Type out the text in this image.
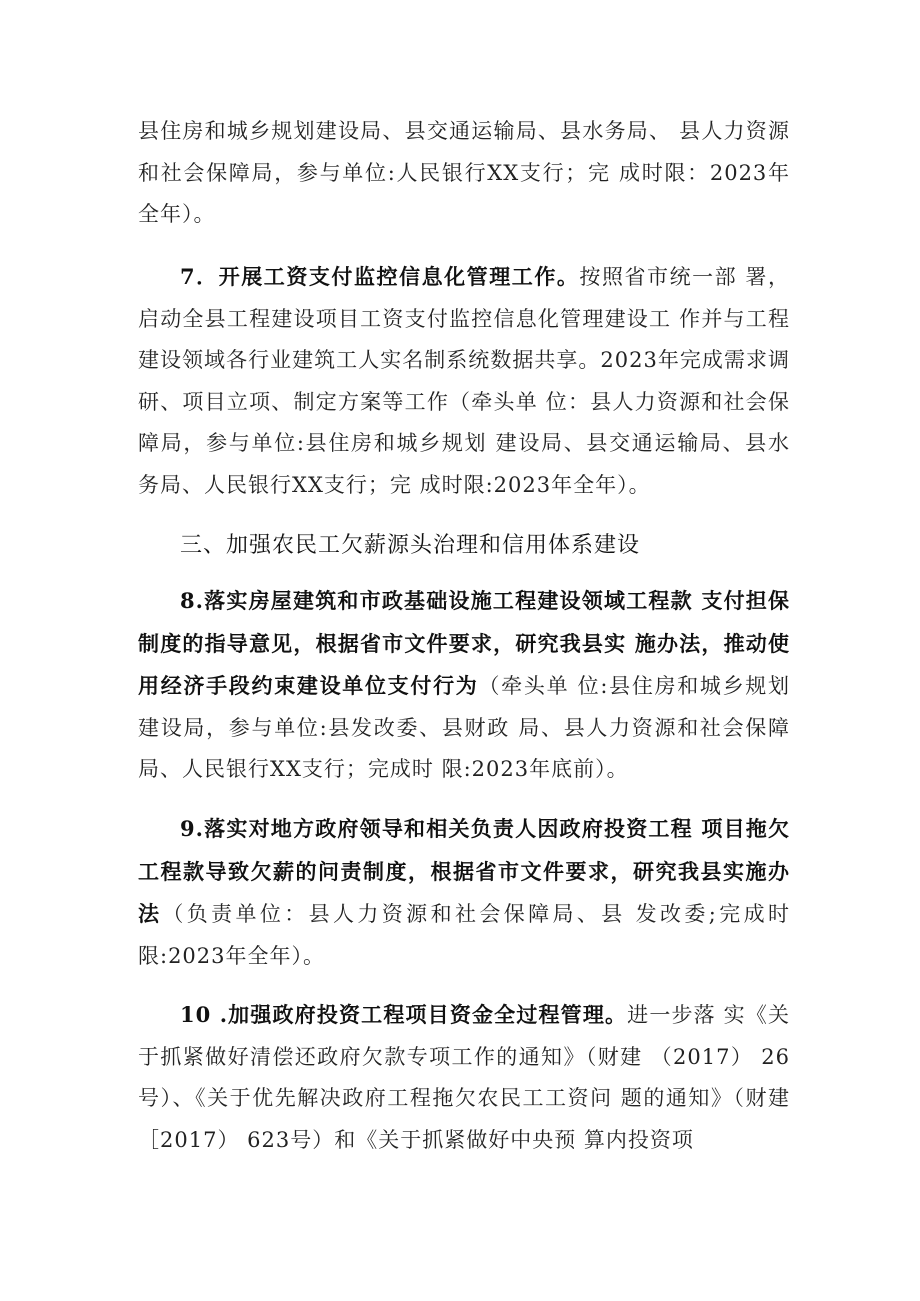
县住房和城乡规划建设局、县交通运输局、县水务局、 县人力资源和社会保障局，参与单位:人民银行XX支行；完 成时限：2023年全年）。

7．开展工资支付监控信息化管理工作。按照省市统一部 署，启动全县工程建设项目工资支付监控信息化管理建设工 作并与工程建设领域各行业建筑工人实名制系统数据共享。2023年完成需求调研、项目立项、制定方案等工作（牵头单 位：县人力资源和社会保障局，参与单位:县住房和城乡规划 建设局、县交通运输局、县水务局、人民银行XX支行；完 成时限:2023年全年）。

三、加强农民工欠薪源头治理和信用体系建设

8.落实房屋建筑和市政基础设施工程建设领域工程款 支付担保制度的指导意见，根据省市文件要求，研究我县实 施办法，推动使用经济手段约束建设单位支付行为（牵头单 位:县住房和城乡规划建设局，参与单位:县发改委、县财政 局、县人力资源和社会保障局、人民银行XX支行；完成时 限:2023年底前）。

9.落实对地方政府领导和相关负责人因政府投资工程 项目拖欠工程款导致欠薪的问责制度，根据省市文件要求，研究我县实施办法（负责单位：县人力资源和社会保障局、县 发改委;完成时限:2023年全年）。

10 .加强政府投资工程项目资金全过程管理。进一步落 实《关于抓紧做好清偿还政府欠款专项工作的通知》（财建 （2017） 26号）、《关于优先解决政府工程拖欠农民工工资问 题的通知》（财建［2017） 623号）和《关于抓紧做好中央预 算内投资项
